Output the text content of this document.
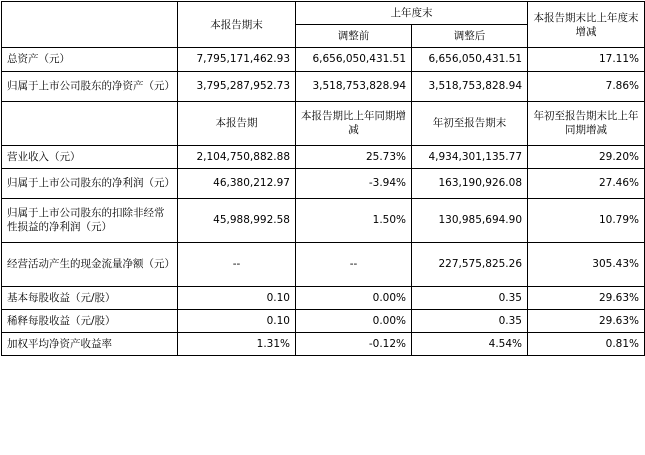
	本报告期末	上年度末		本报告期末比上年度末增减
		调整前	调整后	
总资产（元）	7,795,171,462.93	6,656,050,431.51	6,656,050,431.51	17.11%
归属于上市公司股东的净资产（元）	3,795,287,952.73	3,518,753,828.94	3,518,753,828.94	7.86%
	本报告期	本报告期比上年同期增减	年初至报告期末	年初至报告期末比上年同期增减
营业收入（元）	2,104,750,882.88	25.73%	4,934,301,135.77	29.20%
归属于上市公司股东的净利润（元）	46,380,212.97	-3.94%	163,190,926.08	27.46%
归属于上市公司股东的扣除非经常性损益的净利润（元）	45,988,992.58	1.50%	130,985,694.90	10.79%
经营活动产生的现金流量净额（元）	--	--	227,575,825.26	305.43%
基本每股收益（元/股）	0.10	0.00%	0.35	29.63%
稀释每股收益（元/股）	0.10	0.00%	0.35	29.63%
加权平均净资产收益率	1.31%	-0.12%	4.54%	0.81%
